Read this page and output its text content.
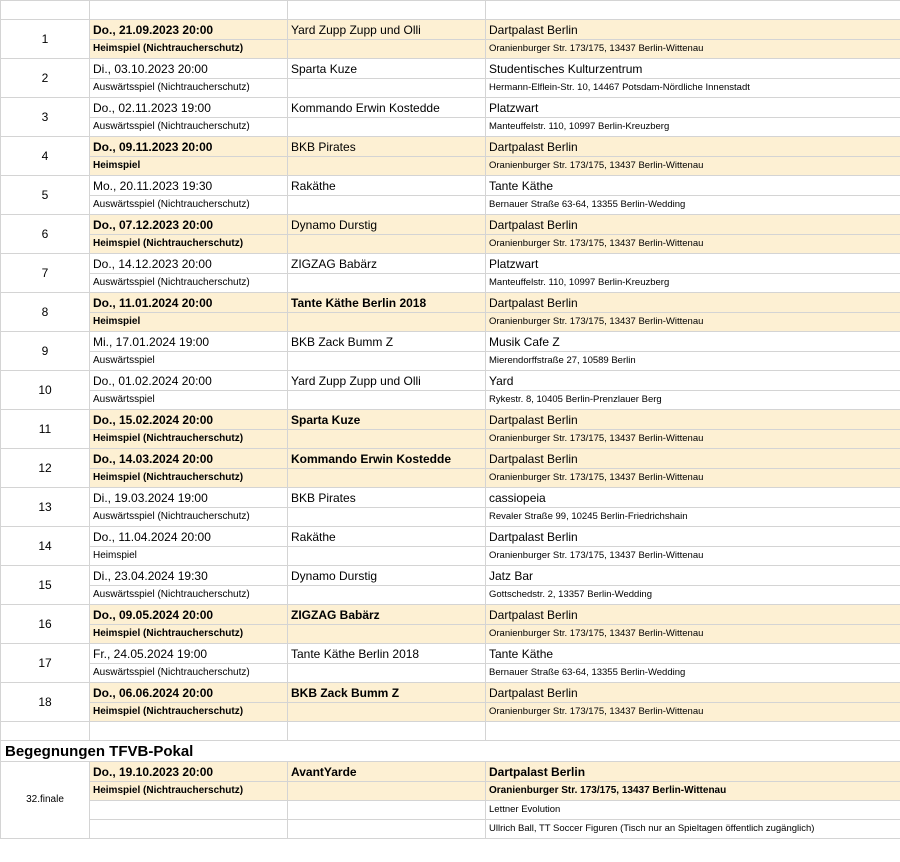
1	Do., 21.09.2023 20:00	Yard Zupp Zupp und Olli	Dartpalast Berlin
	Heimspiel (Nichtraucherschutz)		Oranienburger Str. 173/175, 13437 Berlin-Wittenau
2	Di., 03.10.2023 20:00	Sparta Kuze	Studentisches Kulturzentrum
	Auswärtsspiel (Nichtraucherschutz)		Hermann-Elflein-Str. 10, 14467 Potsdam-Nördliche Innenstadt
3	Do., 02.11.2023 19:00	Kommando Erwin Kostedde	Platzwart
	Auswärtsspiel (Nichtraucherschutz)		Manteuffelstr. 110, 10997 Berlin-Kreuzberg
4	Do., 09.11.2023 20:00	BKB Pirates	Dartpalast Berlin
	Heimspiel		Oranienburger Str. 173/175, 13437 Berlin-Wittenau
5	Mo., 20.11.2023 19:30	Rakäthe	Tante Käthe
	Auswärtsspiel (Nichtraucherschutz)		Bernauer Straße 63-64, 13355 Berlin-Wedding
6	Do., 07.12.2023 20:00	Dynamo Durstig	Dartpalast Berlin
	Heimspiel (Nichtraucherschutz)		Oranienburger Str. 173/175, 13437 Berlin-Wittenau
7	Do., 14.12.2023 20:00	ZIGZAG Babärz	Platzwart
	Auswärtsspiel (Nichtraucherschutz)		Manteuffelstr. 110, 10997 Berlin-Kreuzberg
8	Do., 11.01.2024 20:00	Tante Käthe Berlin 2018	Dartpalast Berlin
	Heimspiel		Oranienburger Str. 173/175, 13437 Berlin-Wittenau
9	Mi., 17.01.2024 19:00	BKB Zack Bumm Z	Musik Cafe Z
	Auswärtsspiel		Mierendorffstraße 27, 10589 Berlin
10	Do., 01.02.2024 20:00	Yard Zupp Zupp und Olli	Yard
	Auswärtsspiel		Rykestr. 8, 10405 Berlin-Prenzlauer Berg
11	Do., 15.02.2024 20:00	Sparta Kuze	Dartpalast Berlin
	Heimspiel (Nichtraucherschutz)		Oranienburger Str. 173/175, 13437 Berlin-Wittenau
12	Do., 14.03.2024 20:00	Kommando Erwin Kostedde	Dartpalast Berlin
	Heimspiel (Nichtraucherschutz)		Oranienburger Str. 173/175, 13437 Berlin-Wittenau
13	Di., 19.03.2024 19:00	BKB Pirates	cassiopeia
	Auswärtsspiel (Nichtraucherschutz)		Revaler Straße 99, 10245 Berlin-Friedrichshain
14	Do., 11.04.2024 20:00	Rakäthe	Dartpalast Berlin
	Heimspiel		Oranienburger Str. 173/175, 13437 Berlin-Wittenau
15	Di., 23.04.2024 19:30	Dynamo Durstig	Jatz Bar
	Auswärtsspiel (Nichtraucherschutz)		Gottschedstr. 2, 13357 Berlin-Wedding
16	Do., 09.05.2024 20:00	ZIGZAG Babärz	Dartpalast Berlin
	Heimspiel (Nichtraucherschutz)		Oranienburger Str. 173/175, 13437 Berlin-Wittenau
17	Fr., 24.05.2024 19:00	Tante Käthe Berlin 2018	Tante Käthe
	Auswärtsspiel (Nichtraucherschutz)		Bernauer Straße 63-64, 13355 Berlin-Wedding
18	Do., 06.06.2024 20:00	BKB Zack Bumm Z	Dartpalast Berlin
	Heimspiel (Nichtraucherschutz)		Oranienburger Str. 173/175, 13437 Berlin-Wittenau

Begegnungen TFVB-Pokal			
32.finale	Do., 19.10.2023 20:00	AvantYarde	Dartpalast Berlin
	Heimspiel (Nichtraucherschutz)		Oranienburger Str. 173/175, 13437 Berlin-Wittenau
			Lettner Evolution
			Ullrich Ball, TT Soccer Figuren (Tisch nur an Spieltagen öffentlich zugänglich)
